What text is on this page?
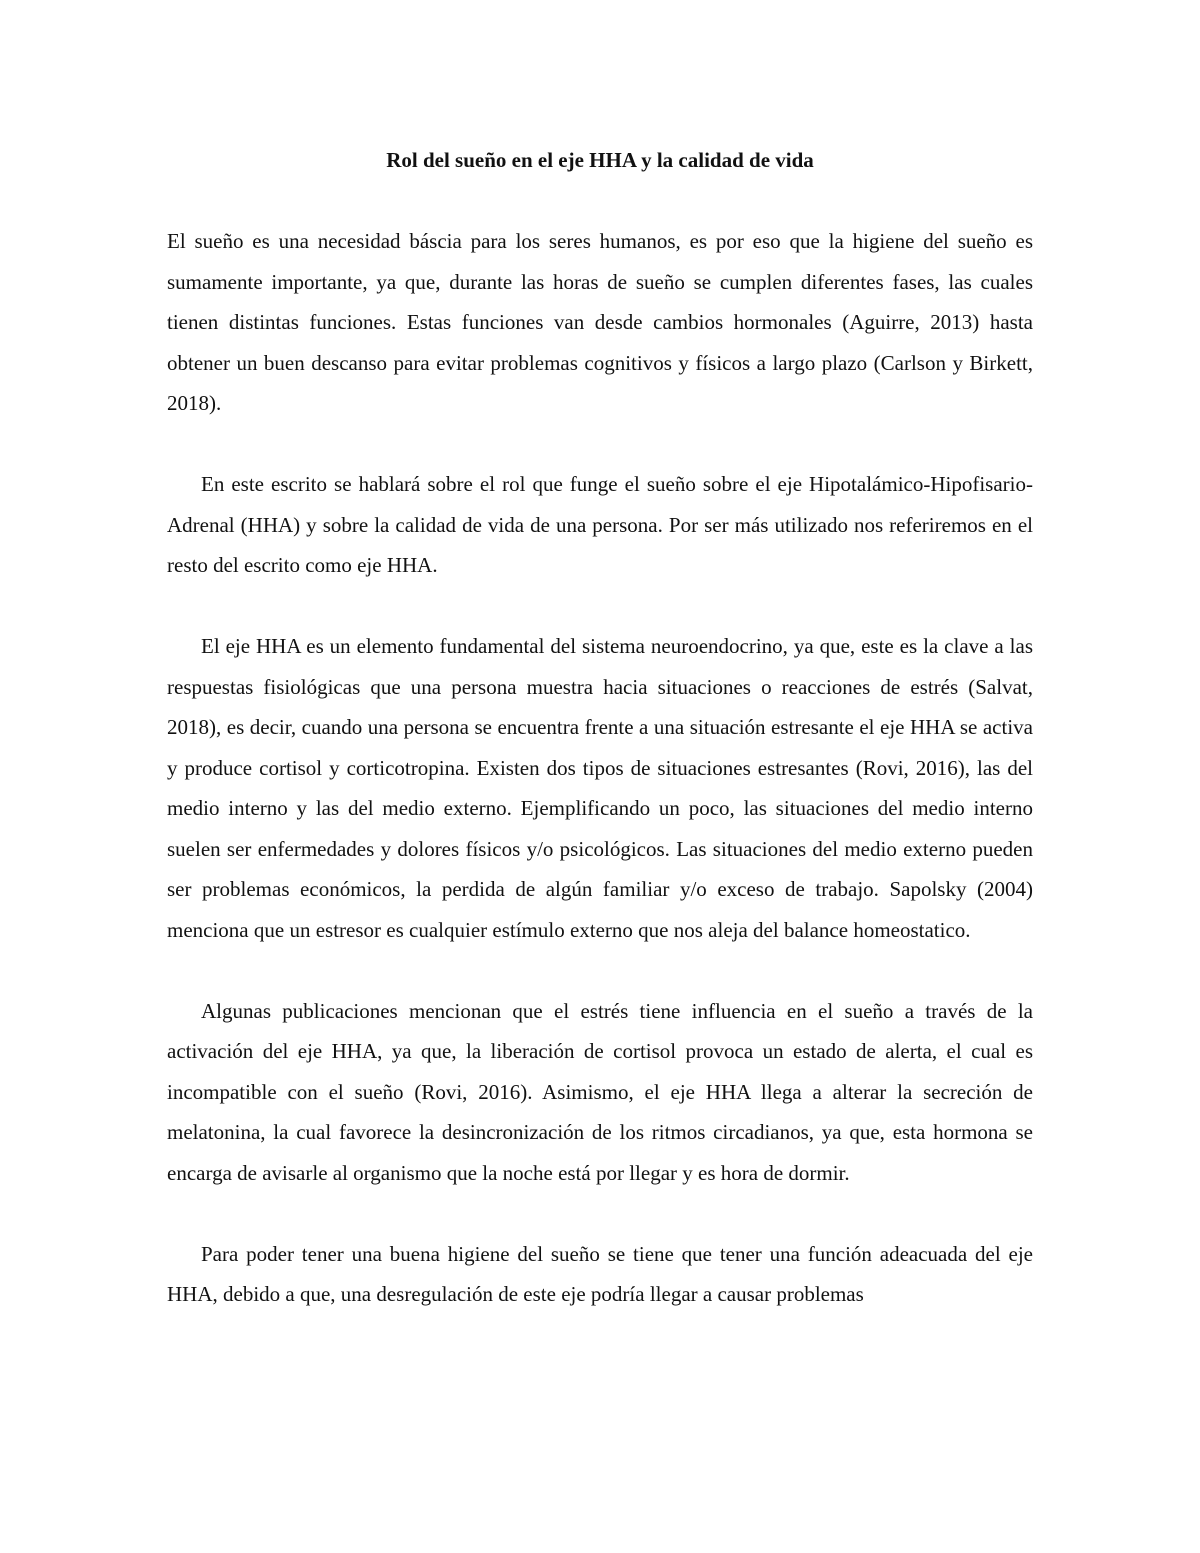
Rol del sueño en el eje HHA y la calidad de vida

El sueño es una necesidad báscia para los seres humanos, es por eso que la higiene del sueño es sumamente importante, ya que, durante las horas de sueño se cumplen diferentes fases, las cuales tienen distintas funciones. Estas funciones van desde cambios hormonales (Aguirre, 2013) hasta obtener un buen descanso para evitar problemas cognitivos y físicos a largo plazo (Carlson y Birkett, 2018).

En este escrito se hablará sobre el rol que funge el sueño sobre el eje Hipotalámico-Hipofisario-Adrenal (HHA) y sobre la calidad de vida de una persona. Por ser más utilizado nos referiremos en el resto del escrito como eje HHA.

El eje HHA es un elemento fundamental del sistema neuroendocrino, ya que, este es la clave a las respuestas fisiológicas que una persona muestra hacia situaciones o reacciones de estrés (Salvat, 2018), es decir, cuando una persona se encuentra frente a una situación estresante el eje HHA se activa y produce cortisol y corticotropina. Existen dos tipos de situaciones estresantes (Rovi, 2016), las del medio interno y las del medio externo. Ejemplificando un poco, las situaciones del medio interno suelen ser enfermedades y dolores físicos y/o psicológicos. Las situaciones del medio externo pueden ser problemas económicos, la perdida de algún familiar y/o exceso de trabajo. Sapolsky (2004) menciona que un estresor es cualquier estímulo externo que nos aleja del balance homeostatico.

Algunas publicaciones mencionan que el estrés tiene influencia en el sueño a través de la activación del eje HHA, ya que, la liberación de cortisol provoca un estado de alerta, el cual es incompatible con el sueño (Rovi, 2016). Asimismo, el eje HHA llega a alterar la secreción de melatonina, la cual favorece la desincronización de los ritmos circadianos, ya que, esta hormona se encarga de avisarle al organismo que la noche está por llegar y es hora de dormir.

Para poder tener una buena higiene del sueño se tiene que tener una función adeacuada del eje HHA, debido a que, una desregulación de este eje podría llegar a causar problemas
